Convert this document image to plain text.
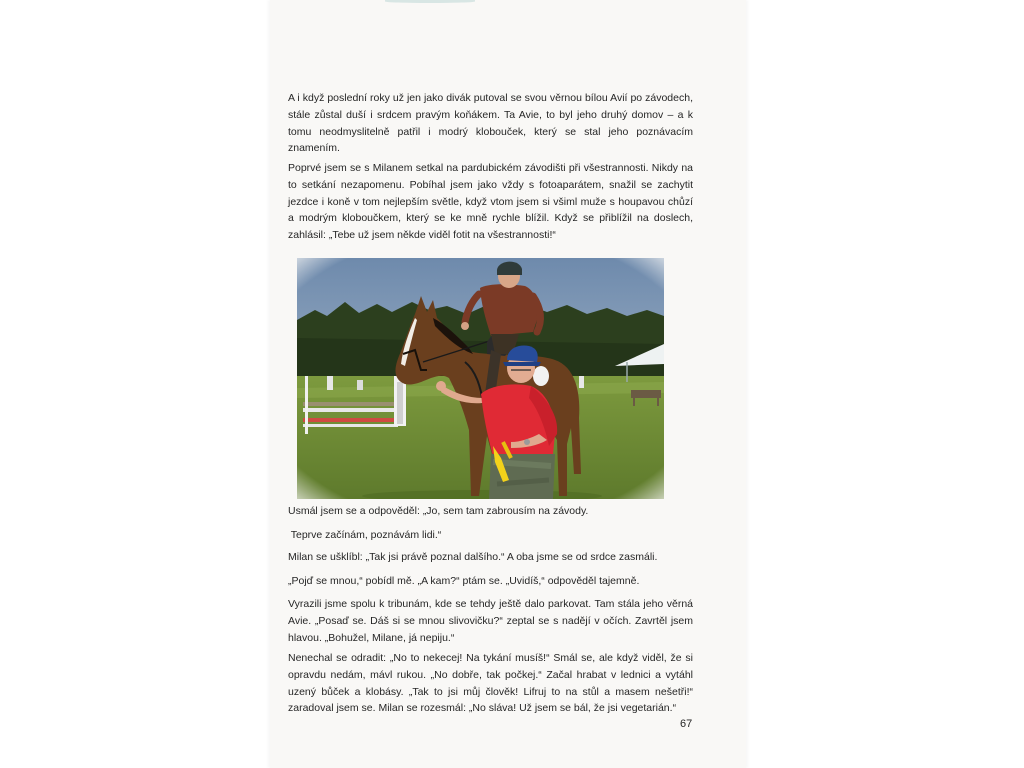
A i když poslední roky už jen jako divák putoval se svou věrnou bílou Avií po závodech, stále zůstal duší i srdcem pravým koňákem. Ta Avie, to byl jeho druhý domov – a k tomu neodmyslitelně patřil i modrý klobouček, který se stal jeho poznávacím znamením.

Poprvé jsem se s Milanem setkal na pardubickém závodišti při všestrannosti. Nikdy na to setkání nezapomenu. Pobíhal jsem jako vždy s fotoaparátem, snažil se zachytit jezdce i koně v tom nejlepším světle, když vtom jsem si všiml muže s houpavou chůzí a modrým kloboučkem, který se ke mně rychle blížil. Když se přiblížil na doslech, zahlásil: „Tebe už jsem někde viděl fotit na všestrannosti!“

Usmál jsem se a odpověděl: „Jo, sem tam zabrousím na závody.

Teprve začínám, poznávám lidi.“

Milan se ušklíbl: „Tak jsi právě poznal dalšího.“ A oba jsme se od srdce zasmáli.

„Pojď se mnou,“ pobídl mě. „A kam?“ ptám se. „Uvidíš,“ odpověděl tajemně.

Vyrazili jsme spolu k tribunám, kde se tehdy ještě dalo parkovat. Tam stála jeho věrná Avie. „Posaď se. Dáš si se mnou slivovičku?“ zeptal se s nadějí v očích. Zavrtěl jsem hlavou. „Bohužel, Milane, já nepiju.“

Nenechal se odradit: „No to nekecej! Na tykání musíš!“ Smál se, ale když viděl, že si opravdu nedám, mávl rukou. „No dobře, tak počkej.“ Začal hrabat v lednici a vytáhl uzený bůček a klobásy. „Tak to jsi můj člověk! Lifruj to na stůl a masem nešetři!“ zaradoval jsem se. Milan se rozesmál: „No sláva! Už jsem se bál, že jsi vegetarián.“

67
